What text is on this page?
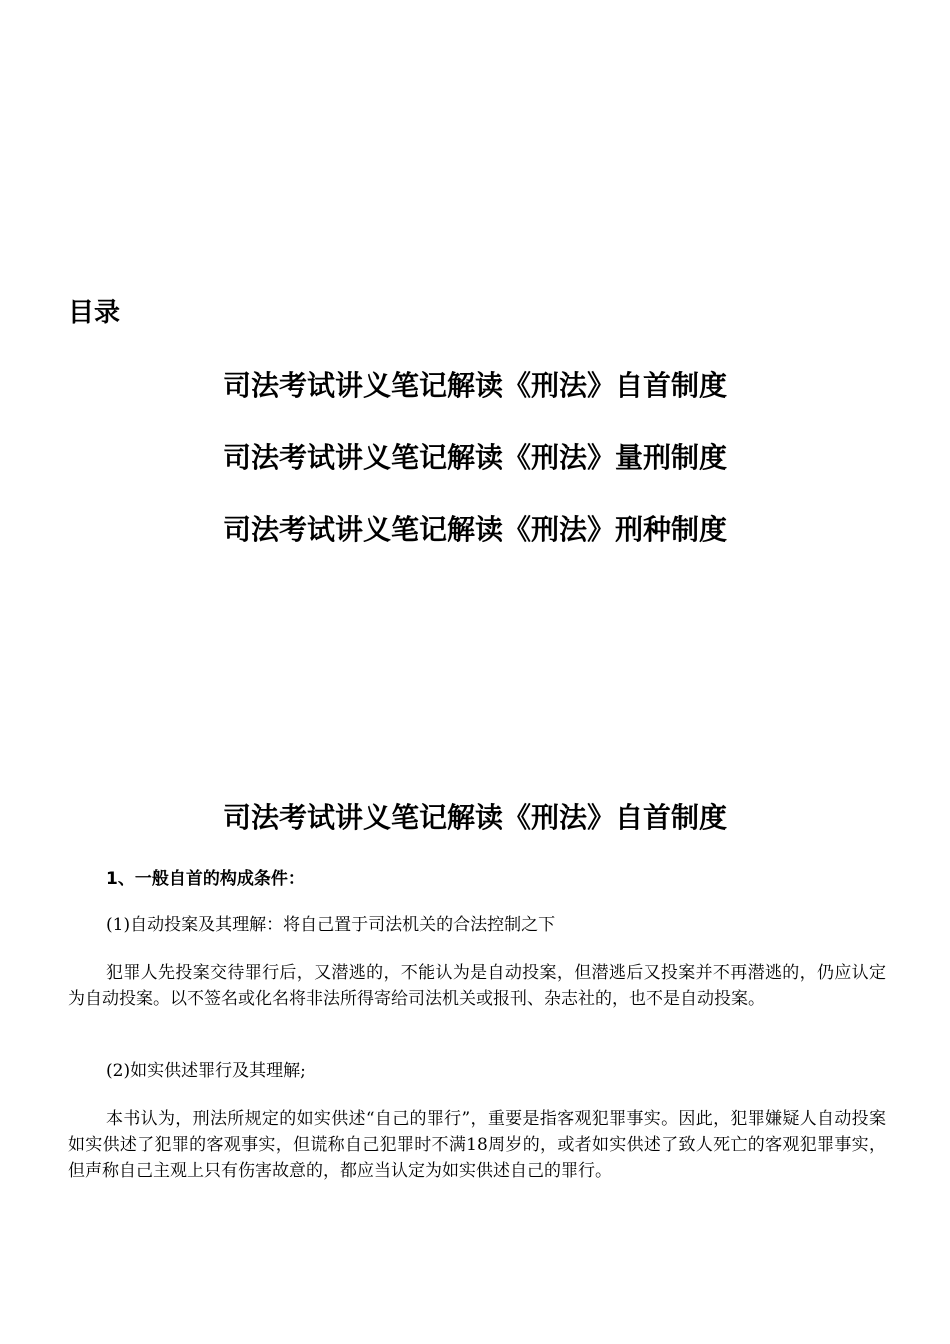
目录
司法考试讲义笔记解读《刑法》自首制度
司法考试讲义笔记解读《刑法》量刑制度
司法考试讲义笔记解读《刑法》刑种制度
司法考试讲义笔记解读《刑法》自首制度

1、一般自首的构成条件：

(1)自动投案及其理解：将自己置于司法机关的合法控制之下

犯罪人先投案交待罪行后，又潜逃的，不能认为是自动投案，但潜逃后又投案并不再潜逃的，仍应认定为自动投案。以不签名或化名将非法所得寄给司法机关或报刊、杂志社的，也不是自动投案。

(2)如实供述罪行及其理解;

本书认为，刑法所规定的如实供述“自己的罪行”，重要是指客观犯罪事实。因此，犯罪嫌疑人自动投案如实供述了犯罪的客观事实，但谎称自己犯罪时不满18周岁的，或者如实供述了致人死亡的客观犯罪事实，但声称自己主观上只有伤害故意的，都应当认定为如实供述自己的罪行。
